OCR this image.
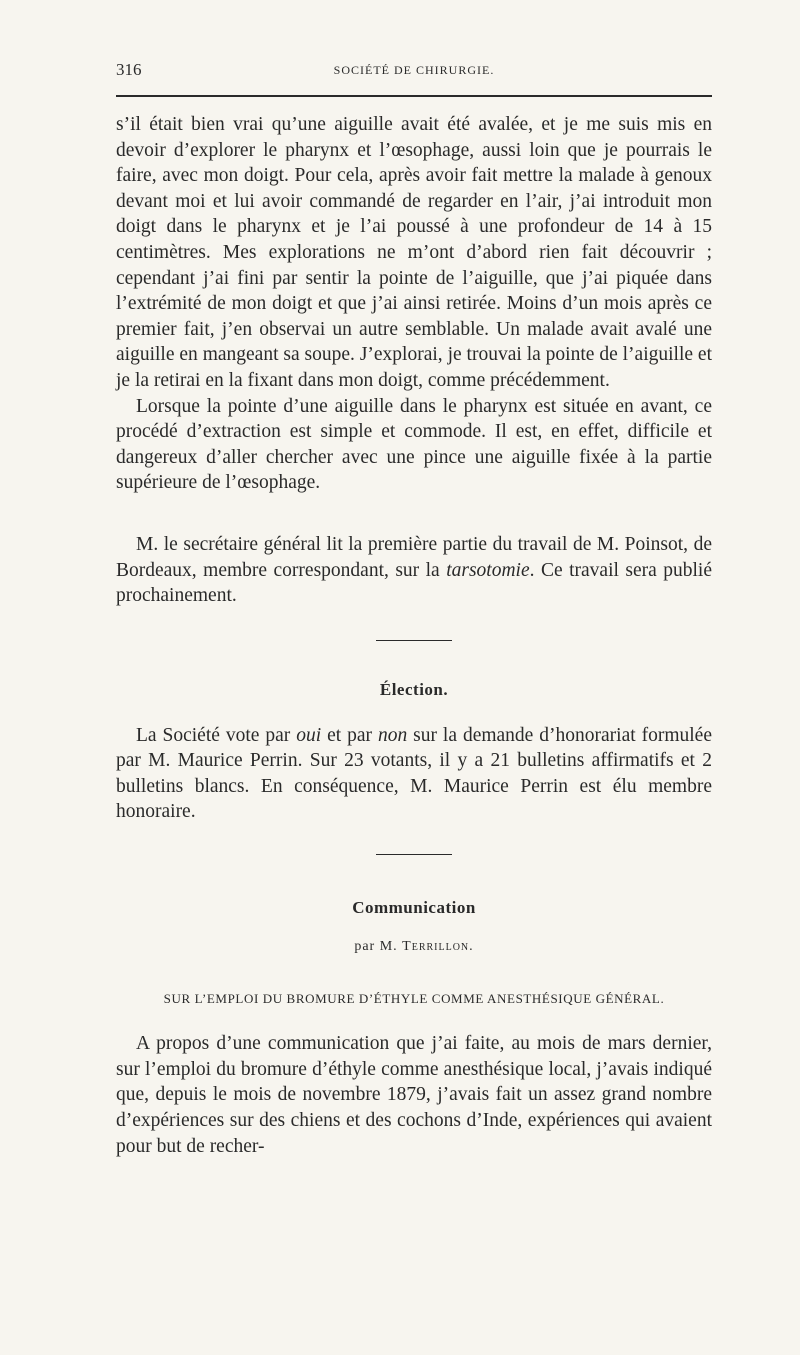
316	SOCIÉTÉ DE CHIRURGIE.

s’il était bien vrai qu’une aiguille avait été avalée, et je me suis mis en devoir d’explorer le pharynx et l’œsophage, aussi loin que je pourrais le faire, avec mon doigt. Pour cela, après avoir fait mettre la malade à genoux devant moi et lui avoir commandé de regarder en l’air, j’ai introduit mon doigt dans le pharynx et je l’ai poussé à une profondeur de 14 à 15 centimètres. Mes explorations ne m’ont d’abord rien fait découvrir ; cependant j’ai fini par sentir la pointe de l’aiguille, que j’ai piquée dans l’extrémité de mon doigt et que j’ai ainsi retirée. Moins d’un mois après ce premier fait, j’en observai un autre semblable. Un malade avait avalé une aiguille en mangeant sa soupe. J’explorai, je trouvai la pointe de l’aiguille et je la retirai en la fixant dans mon doigt, comme précédemment.

Lorsque la pointe d’une aiguille dans le pharynx est située en avant, ce procédé d’extraction est simple et commode. Il est, en effet, difficile et dangereux d’aller chercher avec une pince une aiguille fixée à la partie supérieure de l’œsophage.

M. le secrétaire général lit la première partie du travail de M. Poinsot, de Bordeaux, membre correspondant, sur la tarsotomie. Ce travail sera publié prochainement.

Élection.

La Société vote par oui et par non sur la demande d’honorariat formulée par M. Maurice Perrin. Sur 23 votants, il y a 21 bulletins affirmatifs et 2 bulletins blancs. En conséquence, M. Maurice Perrin est élu membre honoraire.

Communication
par M. Terrillon.
SUR L’EMPLOI DU BROMURE D’ÉTHYLE COMME ANESTHÉSIQUE GÉNÉRAL.

A propos d’une communication que j’ai faite, au mois de mars dernier, sur l’emploi du bromure d’éthyle comme anesthésique local, j’avais indiqué que, depuis le mois de novembre 1879, j’avais fait un assez grand nombre d’expériences sur des chiens et des cochons d’Inde, expériences qui avaient pour but de recher-
